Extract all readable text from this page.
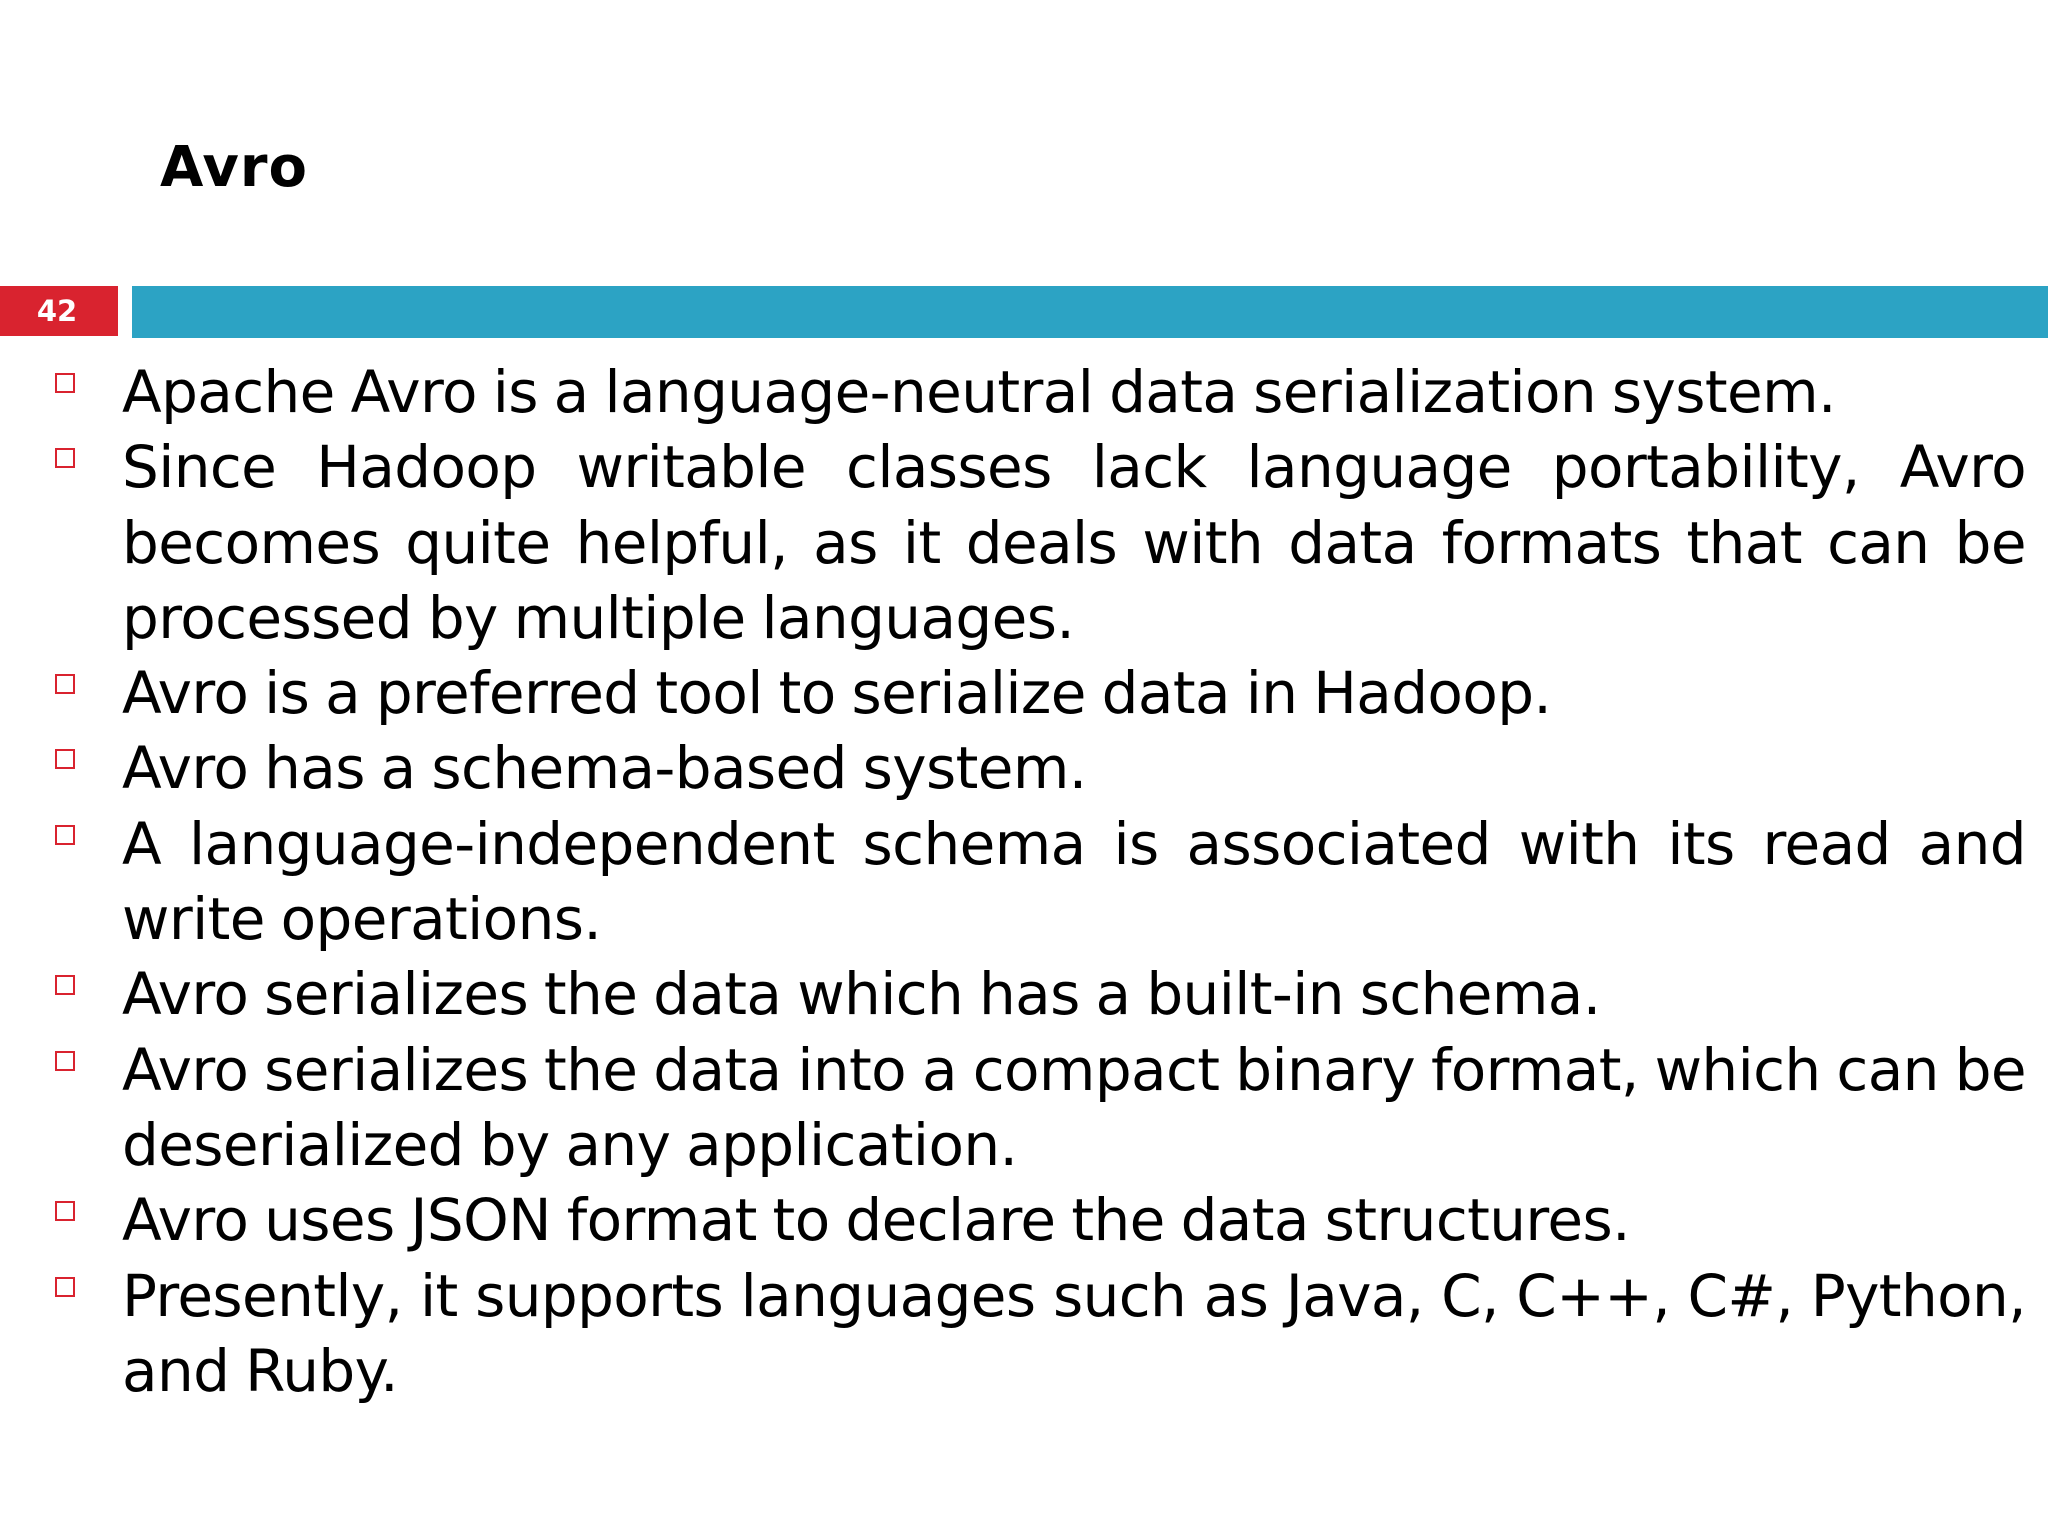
Avro
42
Apache Avro is a language-neutral data serialization system.
Since Hadoop writable classes lack language portability, Avro becomes quite helpful, as it deals with data formats that can be processed by multiple languages.
Avro is a preferred tool to serialize data in Hadoop.
Avro has a schema-based system.
A language-independent schema is associated with its read and write operations.
Avro serializes the data which has a built-in schema.
Avro serializes the data into a compact binary format, which can be deserialized by any application.
Avro uses JSON format to declare the data structures.
Presently, it supports languages such as Java, C, C++, C#, Python, and Ruby.
